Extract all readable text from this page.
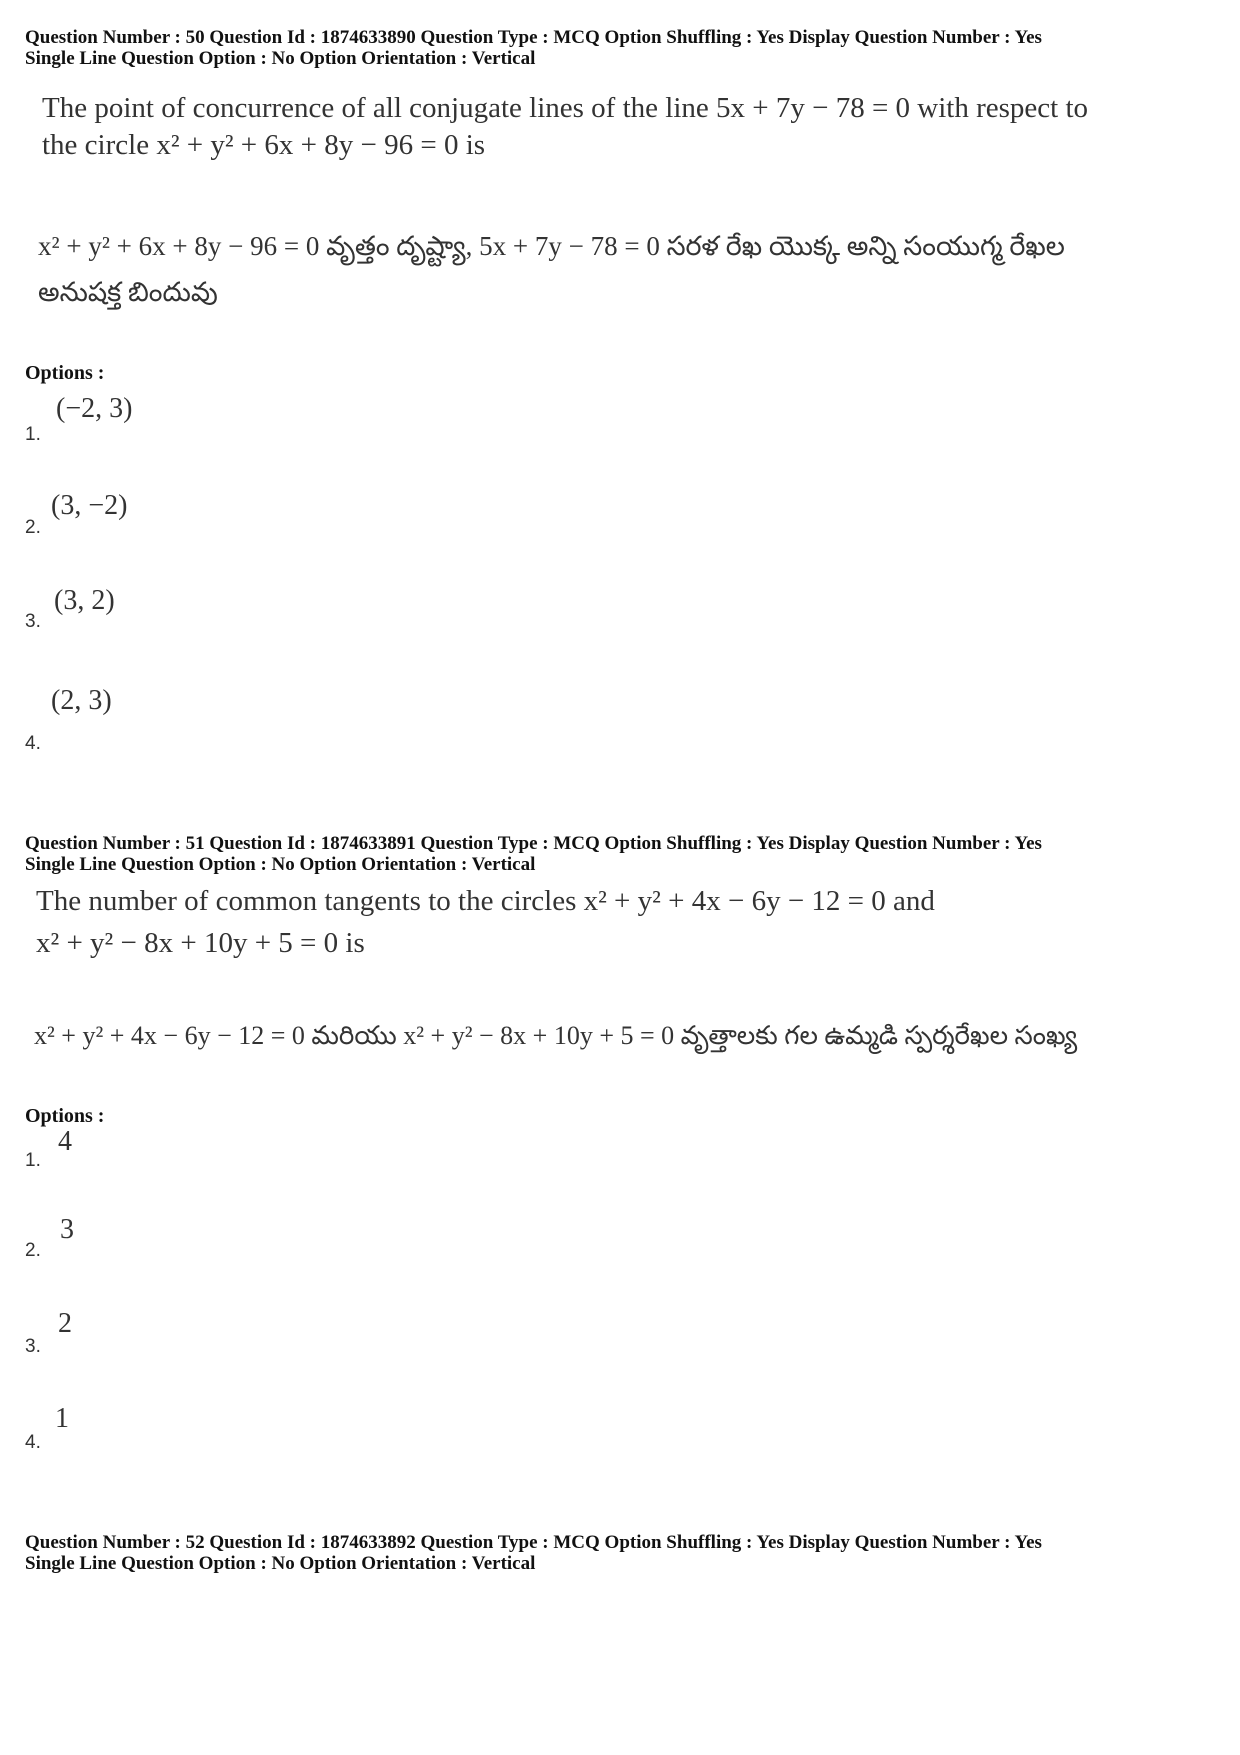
Question Number : 50 Question Id : 1874633890 Question Type : MCQ Option Shuffling : Yes Display Question Number : Yes
Single Line Question Option : No Option Orientation : Vertical
The point of concurrence of all conjugate lines of the line 5x + 7y − 78 = 0 with respect to
the circle x² + y² + 6x + 8y − 96 = 0 is
x² + y² + 6x + 8y − 96 = 0 వృత్తం దృష్ట్యా, 5x + 7y − 78 = 0 సరళ రేఖ యొక్క అన్ని సంయుగ్మ రేఖల
అనుషక్త బిందువు
Options :
1.
(−2, 3)
2.
(3, −2)
3.
(3, 2)
4.
(2, 3)
Question Number : 51 Question Id : 1874633891 Question Type : MCQ Option Shuffling : Yes Display Question Number : Yes
Single Line Question Option : No Option Orientation : Vertical
The number of common tangents to the circles x² + y² + 4x − 6y − 12 = 0 and
x² + y² − 8x + 10y + 5 = 0 is
x² + y² + 4x − 6y − 12 = 0 మరియు x² + y² − 8x + 10y + 5 = 0 వృత్తాలకు గల ఉమ్మడి స్పర్శరేఖల సంఖ్య
Options :
1.
4
2.
3
3.
2
4.
1
Question Number : 52 Question Id : 1874633892 Question Type : MCQ Option Shuffling : Yes Display Question Number : Yes
Single Line Question Option : No Option Orientation : Vertical
